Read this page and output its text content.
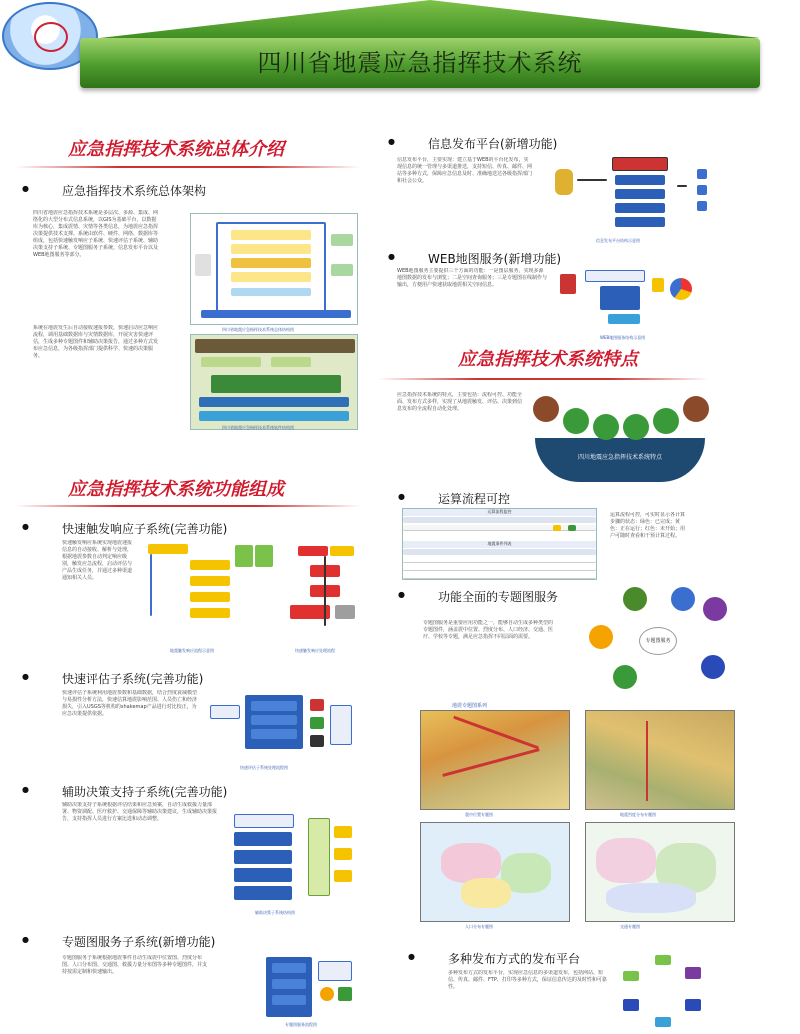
四川省地震应急指挥技术系统
应急指挥技术系统总体介绍
● 应急指挥技术系统总体架构
四川省地震应急指挥技术系统是多层次、多源、集成、网络化的大型分布式信息系统，以GIS为基础平台，以数据库为核心，集成震情、灾情等各类信息，为地震应急指挥决策提供技术支撑。系统由软件、硬件、网络、数据库等组成，包括快速触发响应子系统、快速评估子系统、辅助决策支持子系统、专题图服务子系统、信息发布平台以及WEB地图服务等部分。
系统在地震发生后自动接收速报参数，快速启动应急响应流程，调用基础数据库与灾情数据库，开展灾害快速评估，生成多种专题图件和辅助决策报告，通过多种方式发布应急信息，为各级指挥部门提供科学、快速的决策服务。
四川省地震应急指挥技术系统总体结构图
四川省地震应急指挥技术系统软件结构图
应急指挥技术系统功能组成
● 快速触发响应子系统(完善功能)
快速触发响应系统实现地震速报信息的自动接收、解析与处理，根据地震参数自动判定响应级别，触发应急流程，启动评估与产品生成任务，并通过多种渠道通知相关人员。
地震触发响应流程示意图	快速触发响应处理流程
● 快速评估子系统(完善功能)
快速评估子系统利用地震参数和基础数据，结合烈度衰减模型与易损性分析方法，快速估算地震影响范围、人员伤亡和经济损失，引入USGS等机构的shakemap产品进行对比校正，为应急决策提供依据。
快速评估子系统处理流程图
● 辅助决策支持子系统(完善功能)
辅助决策支持子系统根据评估结果和应急预案，自动生成救援力量部署、物资调配、医疗救护、交通保障等辅助决策建议，生成辅助决策报告，支持指挥人员进行方案比选和动态调整。
辅助决策子系统结构图
● 专题图服务子系统(新增功能)
专题图服务子系统根据地震事件自动生成震中位置图、烈度分布图、人口分布图、交通图、救援力量分布图等多种专题图件，并支持按需定制和快速输出。
专题图服务流程图
● 信息发布平台(新增功能)
信息发布平台，主要实现：建立基于WEB的平台化发布，实现信息的统一管理与多渠道推送，支持短信、传真、邮件、网站等多种方式，保障应急信息及时、准确地送达各级指挥部门和社会公众。
信息发布平台结构示意图
● WEB地图服务(新增功能)
WEB地图服务主要提供三个方面的功能：一是图层服务，实现多源地图数据的发布与浏览；二是空间查询服务；三是专题图在线制作与输出，方便用户快速获取地震相关空间信息。
WEB地图服务结构示意图
应急指挥技术系统特点
应急指挥技术系统的特点，主要包括：流程可控、功能全面、发布方式多样，实现了从地震触发、评估、决策到信息发布的全流程自动化处理。
四川地震应急指挥技术系统特点
● 运算流程可控
运算流程监控
地震事件列表
运算流程可控，可实时显示各计算步骤的状态：绿色：已完成；黄色：正在运行；红色：未开始；用户可随时查看和干预计算过程。
● 功能全面的专题图服务
专题图服务是重要应用功能之一，能够自动生成多种类型的专题图件，涵盖震中位置、烈度分布、人口经济、交通、医疗、学校等专题，满足应急指挥不同层面的需要。
专题图服务
地震专题图系列
震中位置专题图	地震烈度分布专题图
人口分布专题图	交通专题图
● 多种发布方式的发布平台
多种发布方式的发布平台，实现应急信息的多渠道发布，包括网站、短信、传真、邮件、FTP、打印等多种方式，保证信息传达的及时性和可靠性。
